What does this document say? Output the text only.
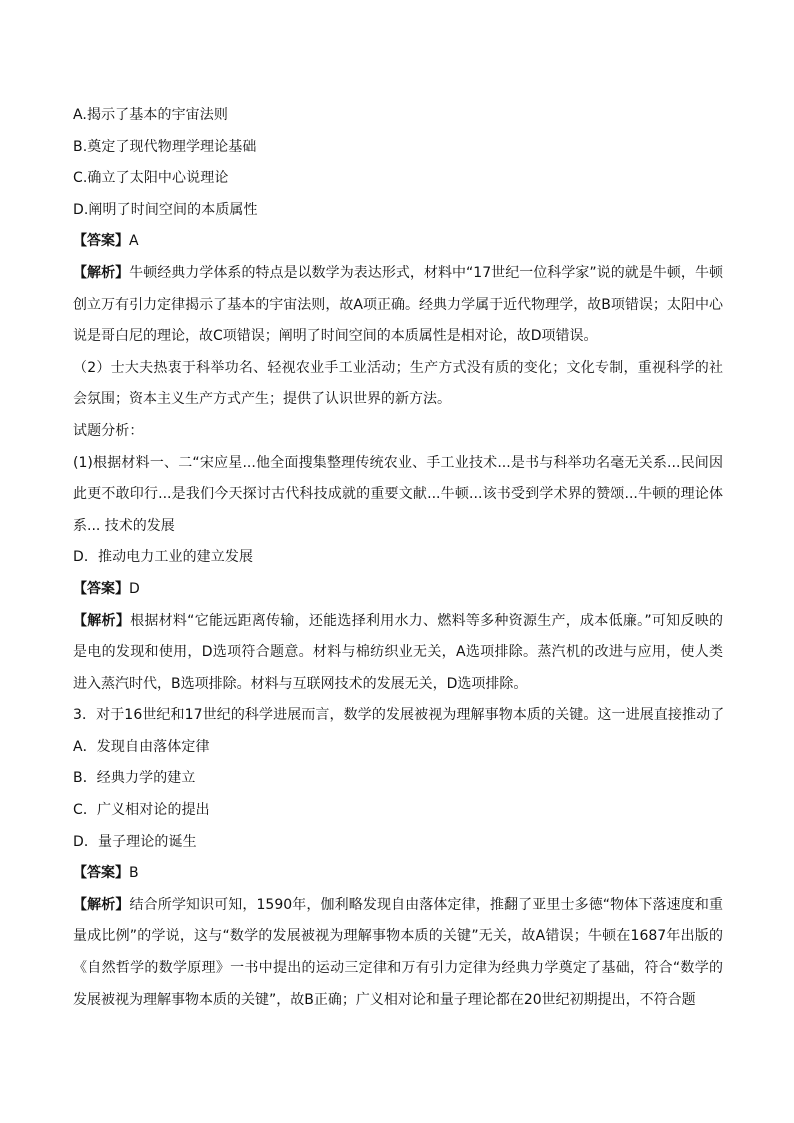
A.揭示了基本的宇宙法则
B.奠定了现代物理学理论基础
C.确立了太阳中心说理论
D.阐明了时间空间的本质属性
【答案】A
【解析】牛顿经典力学体系的特点是以数学为表达形式，材料中“17世纪一位科学家”说的就是牛顿，牛顿创立万有引力定律揭示了基本的宇宙法则，故A项正确。经典力学属于近代物理学，故B项错误；太阳中心说是哥白尼的理论，故C项错误；阐明了时间空间的本质属性是相对论，故D项错误。
（2）士大夫热衷于科举功名、轻视农业手工业活动；生产方式没有质的变化；文化专制，重视科学的社会氛围；资本主义生产方式产生；提供了认识世界的新方法。
试题分析：
(1)根据材料一、二“宋应星...他全面搜集整理传统农业、手工业技术...是书与科举功名毫无关系...民间因此更不敢印行...是我们今天探讨古代科技成就的重要文献...牛顿...该书受到学术界的赞颂...牛顿的理论体系... 技术的发展
D．推动电力工业的建立发展
【答案】D
【解析】根据材料“它能远距离传输，还能选择利用水力、燃料等多种资源生产，成本低廉。”可知反映的是电的发现和使用，D选项符合题意。材料与棉纺织业无关，A选项排除。蒸汽机的改进与应用，使人类进入蒸汽时代，B选项排除。材料与互联网技术的发展无关，D选项排除。
3．对于16世纪和17世纪的科学进展而言，数学的发展被视为理解事物本质的关键。这一进展直接推动了
A．发现自由落体定律
B．经典力学的建立
C．广义相对论的提出
D．量子理论的诞生
【答案】B
【解析】结合所学知识可知，1590年，伽利略发现自由落体定律，推翻了亚里士多德“物体下落速度和重量成比例”的学说，这与“数学的发展被视为理解事物本质的关键”无关，故A错误；牛顿在1687年出版的《自然哲学的数学原理》一书中提出的运动三定律和万有引力定律为经典力学奠定了基础，符合“数学的发展被视为理解事物本质的关键”，故B正确；广义相对论和量子理论都在20世纪初期提出，不符合题
